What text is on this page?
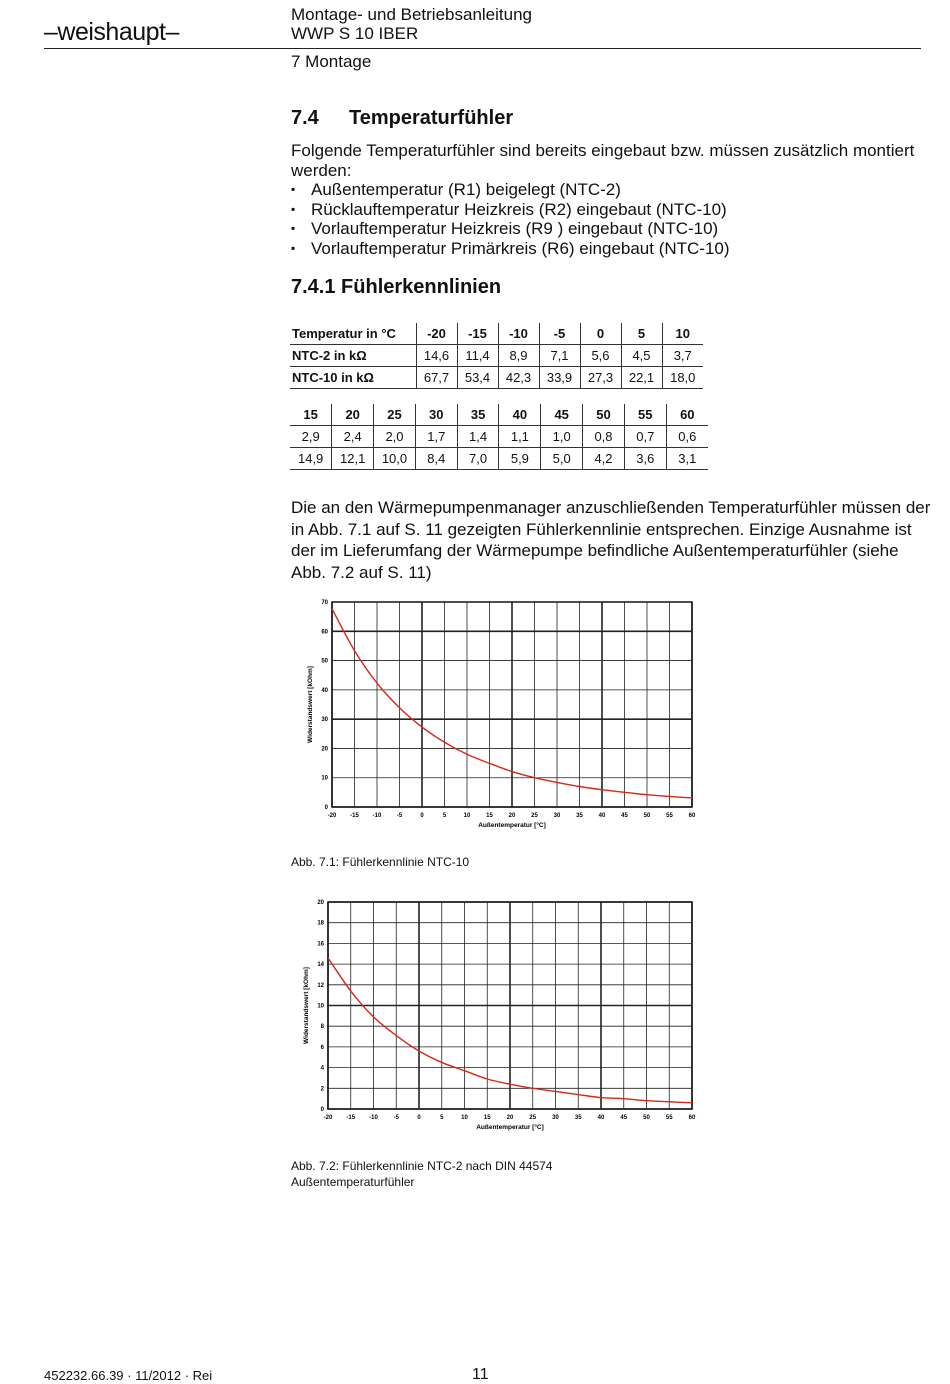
–weishaupt–
Montage- und Betriebsanleitung
WWP S 10 IBER
7 Montage
7.4 Temperaturfühler
Folgende Temperaturfühler sind bereits eingebaut bzw. müssen zusätzlich montiert werden:
▪ Außentemperatur (R1) beigelegt (NTC-2)
▪ Rücklauftemperatur Heizkreis (R2) eingebaut (NTC-10)
▪ Vorlauftemperatur Heizkreis (R9 ) eingebaut (NTC-10)
▪ Vorlauftemperatur Primärkreis (R6) eingebaut (NTC-10)
7.4.1 Fühlerkennlinien
Temperatur in °C	-20	-15	-10	-5	0	5	10
NTC-2 in kΩ	14,6	11,4	8,9	7,1	5,6	4,5	3,7
NTC-10 in kΩ	67,7	53,4	42,3	33,9	27,3	22,1	18,0
15	20	25	30	35	40	45	50	55	60
2,9	2,4	2,0	1,7	1,4	1,1	1,0	0,8	0,7	0,6
14,9	12,1	10,0	8,4	7,0	5,9	5,0	4,2	3,6	3,1
Die an den Wärmepumpenmanager anzuschließenden Temperaturfühler müssen der in Abb. 7.1 auf S. 11 gezeigten Fühlerkennlinie entsprechen. Einzige Ausnahme ist der im Lieferumfang der Wärmepumpe befindliche Außentemperaturfühler (siehe Abb. 7.2 auf S. 11)
-20 -15 -10	-5	0	5	10	15	20	25	30	35	40	45	50	55	60
0
10
20
30
40
50
60
70
Außentemperatur [°C]
Widerstandswert [kOhm]
Abb. 7.1: Fühlerkennlinie NTC-10
-20 -15 -10	-5	0	5	10	15	20	25	30	35	40	45	50	55	60
0
2
4
6
8
10
12
14
16
18
20
Außentemperatur [°C]
Widerstandswert [kOhm]
Abb. 7.2: Fühlerkennlinie NTC-2 nach DIN 44574
Außentemperaturfühler
452232.66.39 · 11/2012 · Rei	11
